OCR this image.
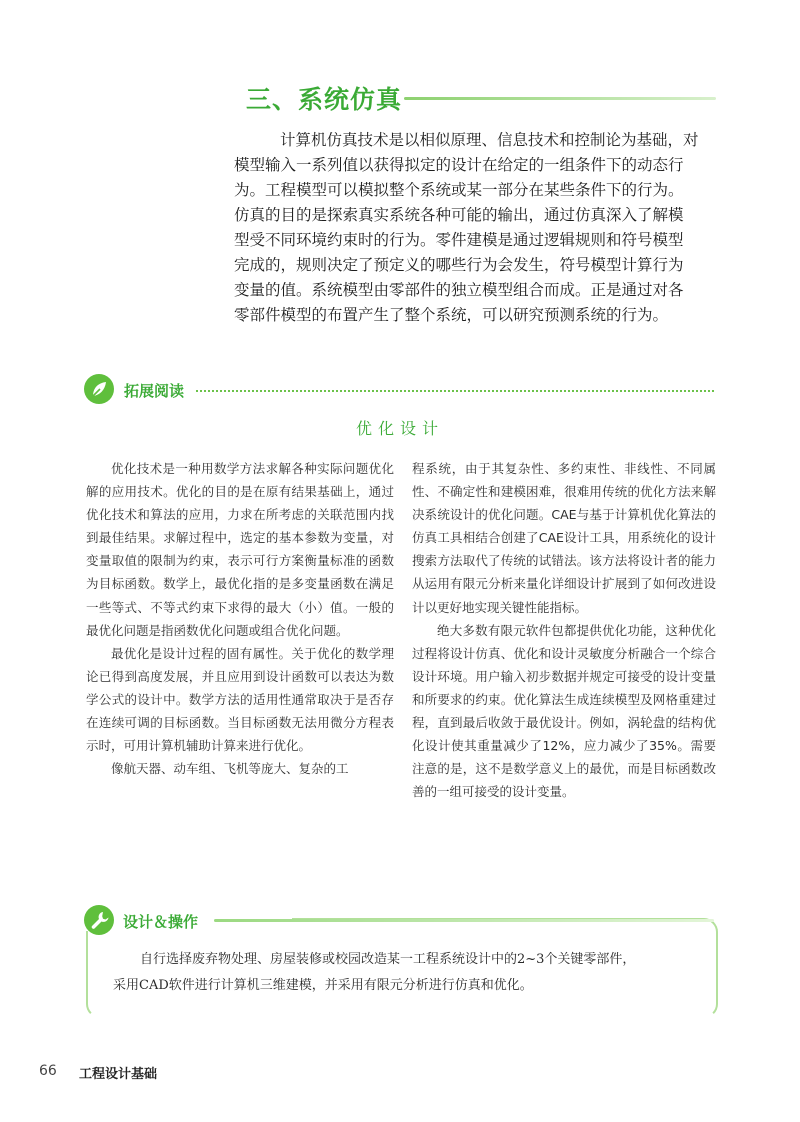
三、系统仿真
计算机仿真技术是以相似原理、信息技术和控制论为基础，对
模型输入一系列值以获得拟定的设计在给定的一组条件下的动态行
为。工程模型可以模拟整个系统或某一部分在某些条件下的行为。
仿真的目的是探索真实系统各种可能的输出，通过仿真深入了解模
型受不同环境约束时的行为。零件建模是通过逻辑规则和符号模型
完成的，规则决定了预定义的哪些行为会发生，符号模型计算行为
变量的值。系统模型由零部件的独立模型组合而成。正是通过对各
零部件模型的布置产生了整个系统，可以研究预测系统的行为。
拓展阅读
优化设计

优化技术是一种用数学方法求解各种实际问题优化解的应用技术。优化的目的是在原有结果基础上，通过优化技术和算法的应用，力求在所考虑的关联范围内找到最佳结果。求解过程中，选定的基本参数为变量，对变量取值的限制为约束，表示可行方案衡量标准的函数为目标函数。数学上，最优化指的是多变量函数在满足一些等式、不等式约束下求得的最大（小）值。一般的最优化问题是指函数优化问题或组合优化问题。

最优化是设计过程的固有属性。关于优化的数学理论已得到高度发展，并且应用到设计函数可以表达为数学公式的设计中。数学方法的适用性通常取决于是否存在连续可调的目标函数。当目标函数无法用微分方程表示时，可用计算机辅助计算来进行优化。

像航天器、动车组、飞机等庞大、复杂的工

程系统，由于其复杂性、多约束性、非线性、不同属性、不确定性和建模困难，很难用传统的优化方法来解决系统设计的优化问题。CAE与基于计算机优化算法的仿真工具相结合创建了CAE设计工具，用系统化的设计搜索方法取代了传统的试错法。该方法将设计者的能力从运用有限元分析来量化详细设计扩展到了如何改进设计以更好地实现关键性能指标。

绝大多数有限元软件包都提供优化功能，这种优化过程将设计仿真、优化和设计灵敏度分析融合一个综合设计环境。用户输入初步数据并规定可接受的设计变量和所要求的约束。优化算法生成连续模型及网格重建过程，直到最后收敛于最优设计。例如，涡轮盘的结构优化设计使其重量减少了12%，应力减少了35%。需要注意的是，这不是数学意义上的最优，而是目标函数改善的一组可接受的设计变量。

设计＆操作
自行选择废弃物处理、房屋装修或校园改造某一工程系统设计中的2~3个关键零部件，
采用CAD软件进行计算机三维建模，并采用有限元分析进行仿真和优化。
66 工程设计基础
